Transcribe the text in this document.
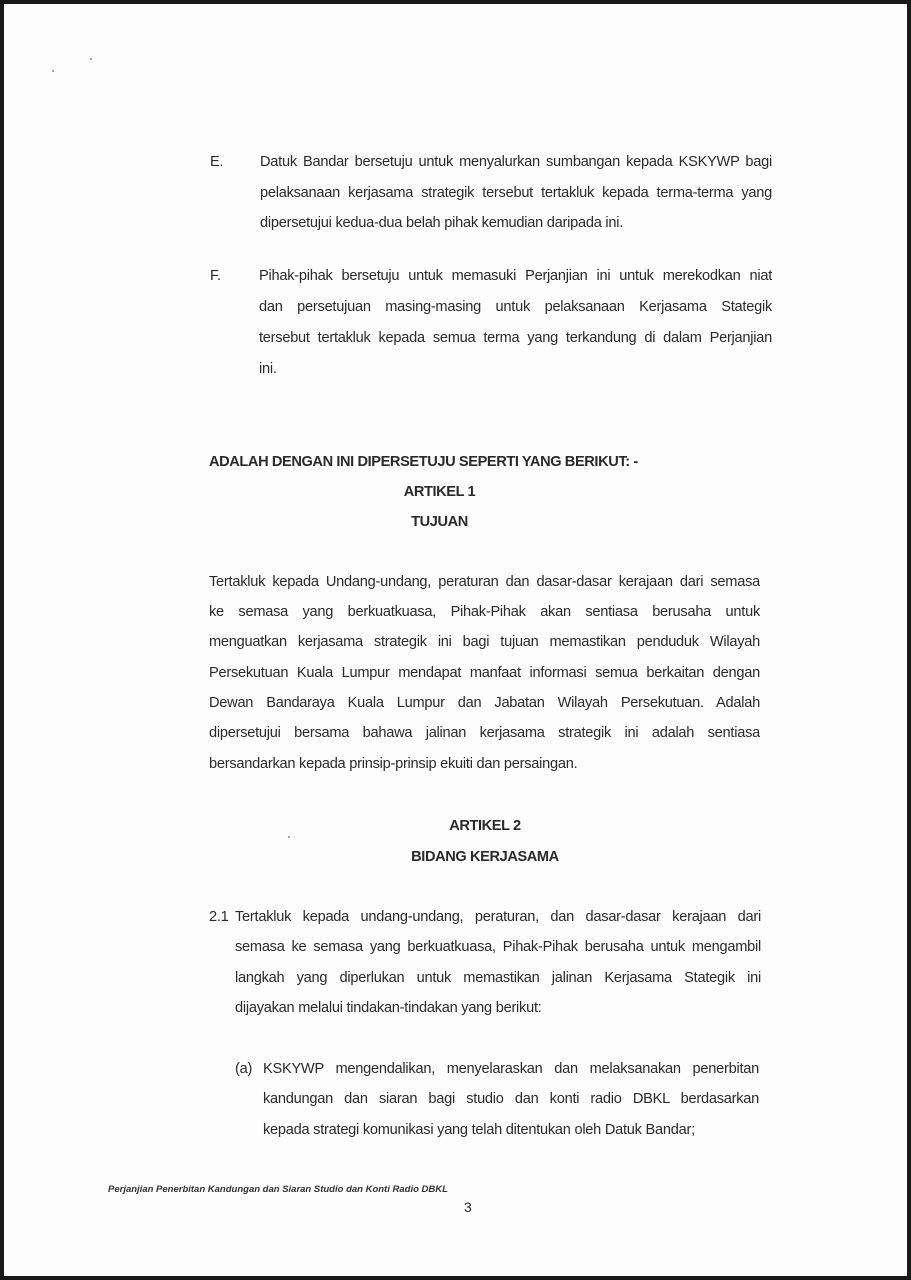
E.	Datuk Bandar bersetuju untuk menyalurkan sumbangan kepada KSKYWP bagi
pelaksanaan kerjasama strategik tersebut tertakluk kepada terma-terma yang
dipersetujui kedua-dua belah pihak kemudian daripada ini.
F.	Pihak-pihak bersetuju untuk memasuki Perjanjian ini untuk merekodkan niat
dan persetujuan masing-masing untuk pelaksanaan Kerjasama Stategik
tersebut tertakluk kepada semua terma yang terkandung di dalam Perjanjian
ini.
ADALAH DENGAN INI DIPERSETUJU SEPERTI YANG BERIKUT: -
ARTIKEL 1
TUJUAN
Tertakluk kepada Undang-undang, peraturan dan dasar-dasar kerajaan dari semasa
ke semasa yang berkuatkuasa, Pihak-Pihak akan sentiasa berusaha untuk
menguatkan kerjasama strategik ini bagi tujuan memastikan penduduk Wilayah
Persekutuan Kuala Lumpur mendapat manfaat informasi semua berkaitan dengan
Dewan Bandaraya Kuala Lumpur dan Jabatan Wilayah Persekutuan. Adalah
dipersetujui bersama bahawa jalinan kerjasama strategik ini adalah sentiasa
bersandarkan kepada prinsip-prinsip ekuiti dan persaingan.
ARTIKEL 2
BIDANG KERJASAMA
2.1 Tertakluk kepada undang-undang, peraturan, dan dasar-dasar kerajaan dari
semasa ke semasa yang berkuatkuasa, Pihak-Pihak berusaha untuk mengambil
langkah yang diperlukan untuk memastikan jalinan Kerjasama Stategik ini
dijayakan melalui tindakan-tindakan yang berikut:
(a) KSKYWP mengendalikan, menyelaraskan dan melaksanakan penerbitan
kandungan dan siaran bagi studio dan konti radio DBKL berdasarkan
kepada strategi komunikasi yang telah ditentukan oleh Datuk Bandar;
Perjanjian Penerbitan Kandungan dan Siaran Studio dan Konti Radio DBKL
3
